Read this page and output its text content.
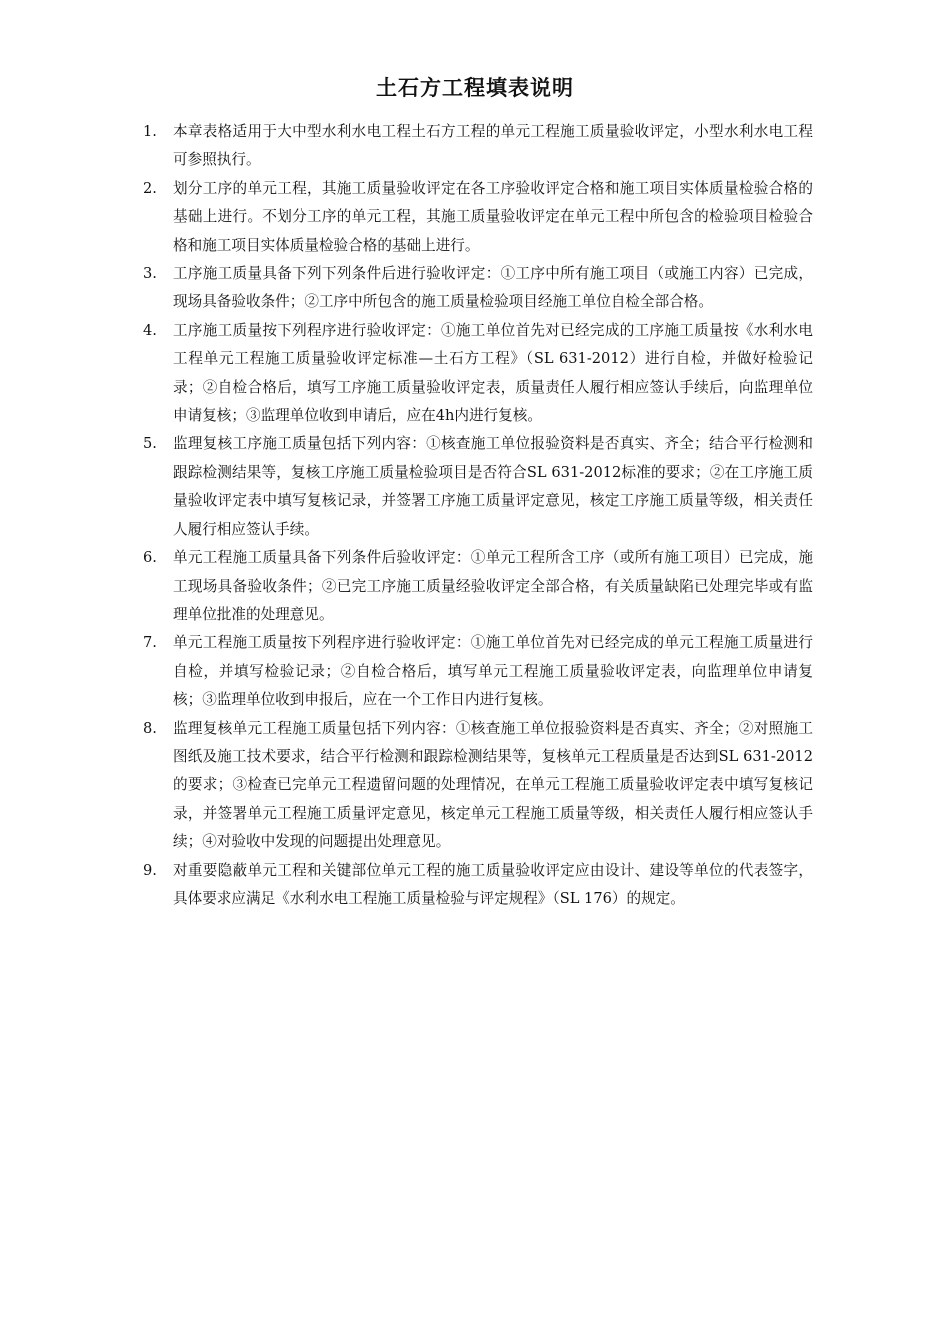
土石方工程填表说明
1.	本章表格适用于大中型水利水电工程土石方工程的单元工程施工质量验收评定，小型水利水电工程可参照执行。
2.	划分工序的单元工程，其施工质量验收评定在各工序验收评定合格和施工项目实体质量检验合格的基础上进行。不划分工序的单元工程，其施工质量验收评定在单元工程中所包含的检验项目检验合格和施工项目实体质量检验合格的基础上进行。
3.	工序施工质量具备下列下列条件后进行验收评定：①工序中所有施工项目（或施工内容）已完成，现场具备验收条件；②工序中所包含的施工质量检验项目经施工单位自检全部合格。
4.	工序施工质量按下列程序进行验收评定：①施工单位首先对已经完成的工序施工质量按《水利水电工程单元工程施工质量验收评定标准—土石方工程》（SL 631-2012）进行自检，并做好检验记录；②自检合格后，填写工序施工质量验收评定表，质量责任人履行相应签认手续后，向监理单位申请复核；③监理单位收到申请后，应在4h内进行复核。
5.	监理复核工序施工质量包括下列内容：①核查施工单位报验资料是否真实、齐全；结合平行检测和跟踪检测结果等，复核工序施工质量检验项目是否符合SL 631-2012标准的要求；②在工序施工质量验收评定表中填写复核记录，并签署工序施工质量评定意见，核定工序施工质量等级，相关责任人履行相应签认手续。
6.	单元工程施工质量具备下列条件后验收评定：①单元工程所含工序（或所有施工项目）已完成，施工现场具备验收条件；②已完工序施工质量经验收评定全部合格，有关质量缺陷已处理完毕或有监理单位批准的处理意见。
7.	单元工程施工质量按下列程序进行验收评定：①施工单位首先对已经完成的单元工程施工质量进行自检，并填写检验记录；②自检合格后，填写单元工程施工质量验收评定表，向监理单位申请复核；③监理单位收到申报后，应在一个工作日内进行复核。
8.	监理复核单元工程施工质量包括下列内容：①核查施工单位报验资料是否真实、齐全；②对照施工图纸及施工技术要求，结合平行检测和跟踪检测结果等，复核单元工程质量是否达到SL 631-2012的要求；③检查已完单元工程遗留问题的处理情况，在单元工程施工质量验收评定表中填写复核记录，并签署单元工程施工质量评定意见，核定单元工程施工质量等级，相关责任人履行相应签认手续；④对验收中发现的问题提出处理意见。
9.	对重要隐蔽单元工程和关键部位单元工程的施工质量验收评定应由设计、建设等单位的代表签字，具体要求应满足《水利水电工程施工质量检验与评定规程》（SL 176）的规定。
